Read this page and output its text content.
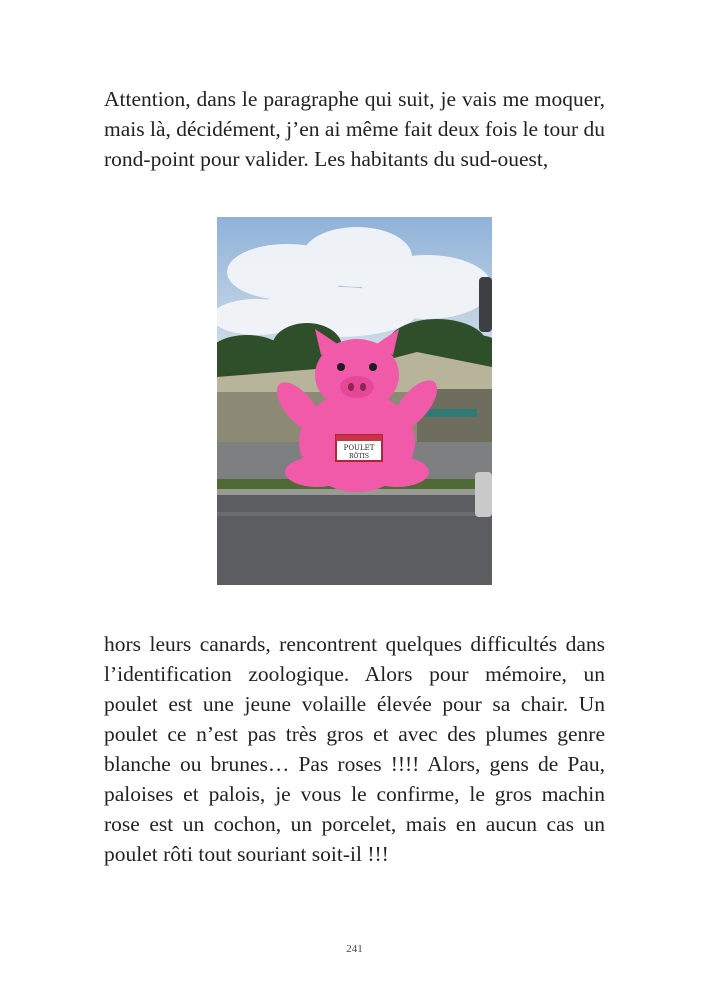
Attention, dans le paragraphe qui suit, je vais me moquer, mais là, décidément, j’en ai même fait deux fois le tour du rond-point pour valider. Les habitants du sud-ouest,

POULET
RÔTIS

hors leurs canards, rencontrent quelques difficultés dans l’identification zoologique. Alors pour mémoire, un poulet est une jeune volaille élevée pour sa chair. Un poulet ce n’est pas très gros et avec des plumes genre blanche ou brunes… Pas roses !!!! Alors, gens de Pau, paloises et palois, je vous le confirme, le gros machin rose est un cochon, un porcelet, mais en aucun cas un poulet rôti tout souriant soit-il !!!

241
